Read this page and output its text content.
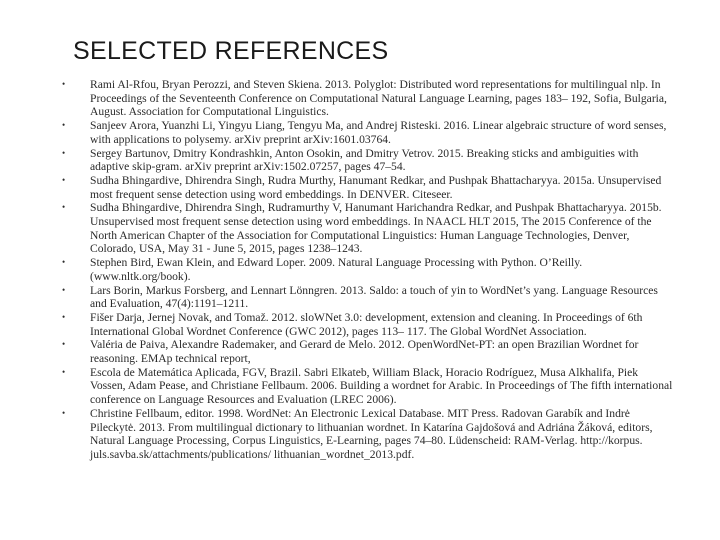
SELECTED REFERENCES
• Rami Al-Rfou, Bryan Perozzi, and Steven Skiena. 2013. Polyglot: Distributed word representations for multilingual nlp. In Proceedings of the Seventeenth Conference on Computational Natural Language Learning, pages 183– 192, Sofia, Bulgaria, August. Association for Computational Linguistics.
• Sanjeev Arora, Yuanzhi Li, Yingyu Liang, Tengyu Ma, and Andrej Risteski. 2016. Linear algebraic structure of word senses, with applications to polysemy. arXiv preprint arXiv:1601.03764.
• Sergey Bartunov, Dmitry Kondrashkin, Anton Osokin, and Dmitry Vetrov. 2015. Breaking sticks and ambiguities with adaptive skip-gram. arXiv preprint arXiv:1502.07257, pages 47–54.
• Sudha Bhingardive, Dhirendra Singh, Rudra Murthy, Hanumant Redkar, and Pushpak Bhattacharyya. 2015a. Unsupervised most frequent sense detection using word embeddings. In DENVER. Citeseer.
• Sudha Bhingardive, Dhirendra Singh, Rudramurthy V, Hanumant Harichandra Redkar, and Pushpak Bhattacharyya. 2015b. Unsupervised most frequent sense detection using word embeddings. In NAACL HLT 2015, The 2015 Conference of the North American Chapter of the Association for Computational Linguistics: Human Language Technologies, Denver, Colorado, USA, May 31 - June 5, 2015, pages 1238–1243.
• Stephen Bird, Ewan Klein, and Edward Loper. 2009. Natural Language Processing with Python. O’Reilly. (www.nltk.org/book).
• Lars Borin, Markus Forsberg, and Lennart Lönngren. 2013. Saldo: a touch of yin to WordNet’s yang. Language Resources and Evaluation, 47(4):1191–1211.
• Fišer Darja, Jernej Novak, and Tomaž. 2012. sloWNet 3.0: development, extension and cleaning. In Proceedings of 6th International Global Wordnet Conference (GWC 2012), pages 113– 117. The Global WordNet Association.
• Valéria de Paiva, Alexandre Rademaker, and Gerard de Melo. 2012. OpenWordNet-PT: an open Brazilian Wordnet for reasoning. EMAp technical report,
• Escola de Matemática Aplicada, FGV, Brazil. Sabri Elkateb, William Black, Horacio Rodríguez, Musa Alkhalifa, Piek Vossen, Adam Pease, and Christiane Fellbaum. 2006. Building a wordnet for Arabic. In Proceedings of The fifth international conference on Language Resources and Evaluation (LREC 2006).
• Christine Fellbaum, editor. 1998. WordNet: An Electronic Lexical Database. MIT Press. Radovan Garabík and Indrė Pileckytė. 2013. From multilingual dictionary to lithuanian wordnet. In Katarína Gajdošová and Adriána Žáková, editors, Natural Language Processing, Corpus Linguistics, E-Learning, pages 74–80. Lüdenscheid: RAM-Verlag. http://korpus. juls.savba.sk/attachments/publications/ lithuanian_wordnet_2013.pdf.
